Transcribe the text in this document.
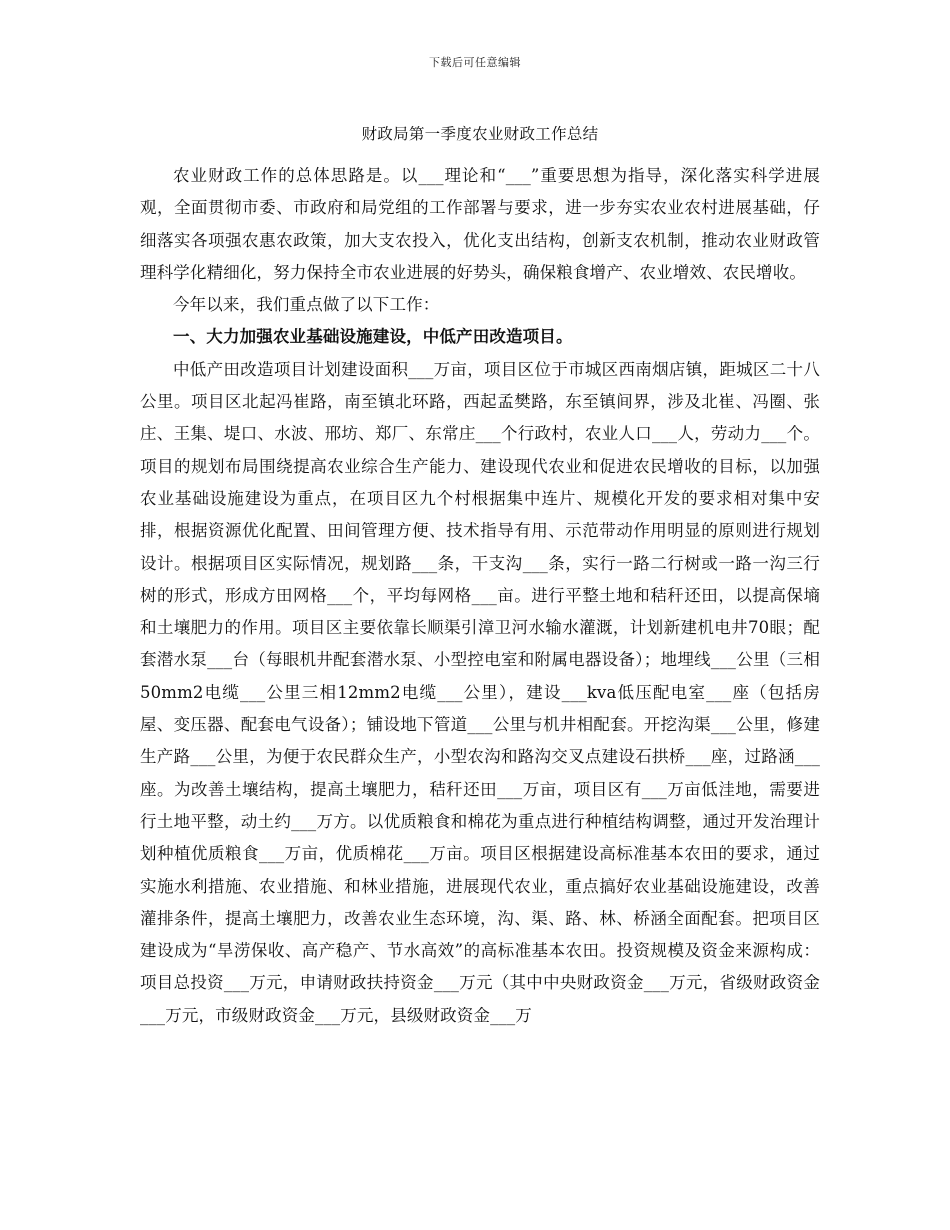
下载后可任意编辑
财政局第一季度农业财政工作总结

农业财政工作的总体思路是。以___理论和“___”重要思想为指导，深化落实科学进展观，全面贯彻市委、市政府和局党组的工作部署与要求，进一步夯实农业农村进展基础，仔细落实各项强农惠农政策，加大支农投入，优化支出结构，创新支农机制，推动农业财政管理科学化精细化，努力保持全市农业进展的好势头，确保粮食增产、农业增效、农民增收。

今年以来，我们重点做了以下工作：

一、大力加强农业基础设施建设，中低产田改造项目。

中低产田改造项目计划建设面积___万亩，项目区位于市城区西南烟店镇，距城区二十八公里。项目区北起冯崔路，南至镇北环路，西起孟樊路，东至镇间界，涉及北崔、冯圈、张庄、王集、堤口、水波、邢坊、郑厂、东常庄___个行政村，农业人口___人，劳动力___个。项目的规划布局围绕提高农业综合生产能力、建设现代农业和促进农民增收的目标，以加强农业基础设施建设为重点，在项目区九个村根据集中连片、规模化开发的要求相对集中安排，根据资源优化配置、田间管理方便、技术指导有用、示范带动作用明显的原则进行规划设计。根据项目区实际情况，规划路___条，干支沟___条，实行一路二行树或一路一沟三行树的形式，形成方田网格___个，平均每网格___亩。进行平整土地和秸秆还田，以提高保墒和土壤肥力的作用。项目区主要依靠长顺渠引漳卫河水输水灌溉，计划新建机电井70眼；配套潜水泵___台（每眼机井配套潜水泵、小型控电室和附属电器设备）；地埋线___公里（三相50mm2电缆___公里三相12mm2电缆___公里），建设___kva低压配电室___座（包括房屋、变压器、配套电气设备）；铺设地下管道___公里与机井相配套。开挖沟渠___公里，修建生产路___公里，为便于农民群众生产，小型农沟和路沟交叉点建设石拱桥___座，过路涵___座。为改善土壤结构，提高土壤肥力，秸秆还田___万亩，项目区有___万亩低洼地，需要进行土地平整，动土约___万方。以优质粮食和棉花为重点进行种植结构调整，通过开发治理计划种植优质粮食___万亩，优质棉花___万亩。项目区根据建设高标准基本农田的要求，通过实施水利措施、农业措施、和林业措施，进展现代农业，重点搞好农业基础设施建设，改善灌排条件，提高土壤肥力，改善农业生态环境，沟、渠、路、林、桥涵全面配套。把项目区建设成为“旱涝保收、高产稳产、节水高效”的高标准基本农田。投资规模及资金来源构成：项目总投资___万元，申请财政扶持资金___万元（其中中央财政资金___万元，省级财政资金___万元，市级财政资金___万元，县级财政资金___万
